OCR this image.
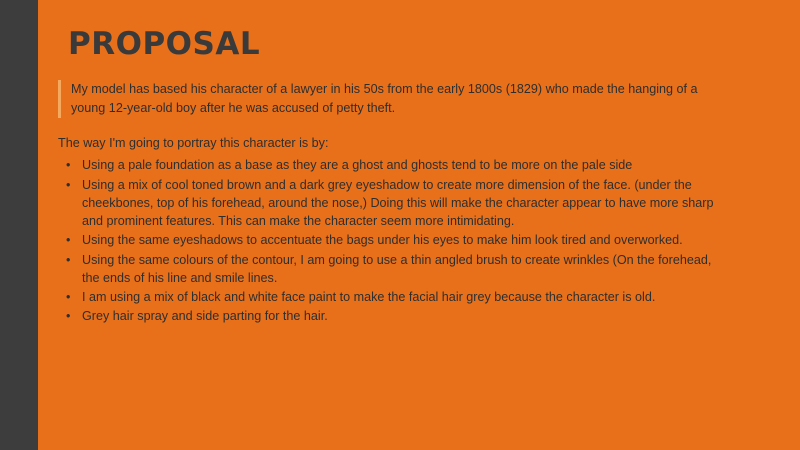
PROPOSAL

My model has based his character of a lawyer in his 50s from the early 1800s (1829) who made the hanging of a young 12-year-old boy after he was accused of petty theft.

The way I'm going to portray this character is by:

• Using a pale foundation as a base as they are a ghost and ghosts tend to be more on the pale side
• Using a mix of cool toned brown and a dark grey eyeshadow to create more dimension of the face. (under the cheekbones, top of his forehead, around the nose,) Doing this will make the character appear to have more sharp and prominent features. This can make the character seem more intimidating.
• Using the same eyeshadows to accentuate the bags under his eyes to make him look tired and overworked.
• Using the same colours of the contour, I am going to use a thin angled brush to create wrinkles (On the forehead, the ends of his line and smile lines.
• I am using a mix of black and white face paint to make the facial hair grey because the character is old.
• Grey hair spray and side parting for the hair.
